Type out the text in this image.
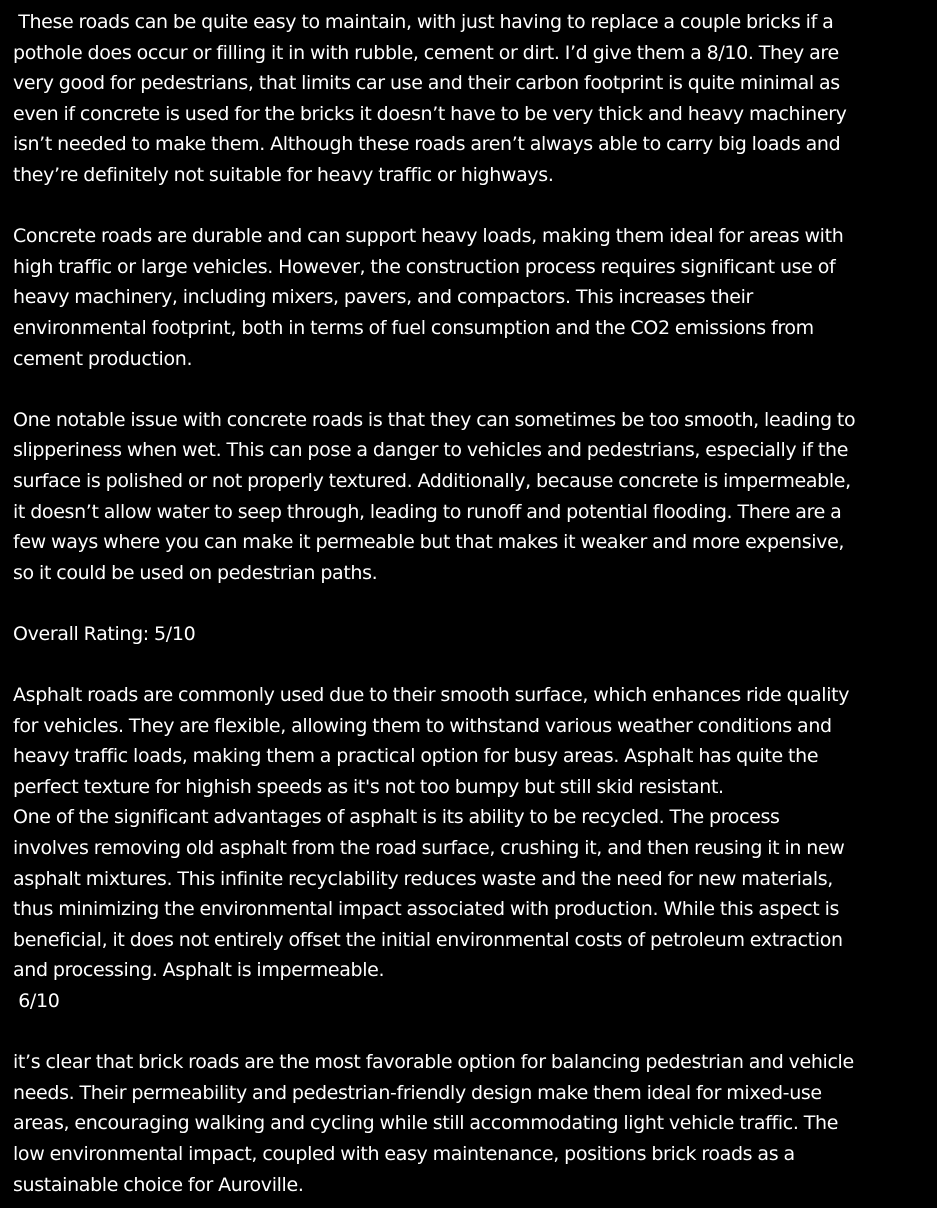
These roads can be quite easy to maintain, with just having to replace a couple bricks if a
pothole does occur or filling it in with rubble, cement or dirt. I’d give them a 8/10. They are
very good for pedestrians, that limits car use and their carbon footprint is quite minimal as
even if concrete is used for the bricks it doesn’t have to be very thick and heavy machinery
isn’t needed to make them. Although these roads aren’t always able to carry big loads and
they’re definitely not suitable for heavy traffic or highways.
Concrete roads are durable and can support heavy loads, making them ideal for areas with
high traffic or large vehicles. However, the construction process requires significant use of
heavy machinery, including mixers, pavers, and compactors. This increases their
environmental footprint, both in terms of fuel consumption and the CO2 emissions from
cement production.
One notable issue with concrete roads is that they can sometimes be too smooth, leading to
slipperiness when wet. This can pose a danger to vehicles and pedestrians, especially if the
surface is polished or not properly textured. Additionally, because concrete is impermeable,
it doesn’t allow water to seep through, leading to runoff and potential flooding. There are a
few ways where you can make it permeable but that makes it weaker and more expensive,
so it could be used on pedestrian paths.
Overall Rating: 5/10
Asphalt roads are commonly used due to their smooth surface, which enhances ride quality
for vehicles. They are flexible, allowing them to withstand various weather conditions and
heavy traffic loads, making them a practical option for busy areas. Asphalt has quite the
perfect texture for highish speeds as it's not too bumpy but still skid resistant.
One of the significant advantages of asphalt is its ability to be recycled. The process
involves removing old asphalt from the road surface, crushing it, and then reusing it in new
asphalt mixtures. This infinite recyclability reduces waste and the need for new materials,
thus minimizing the environmental impact associated with production. While this aspect is
beneficial, it does not entirely offset the initial environmental costs of petroleum extraction
and processing. Asphalt is impermeable.
6/10
it’s clear that brick roads are the most favorable option for balancing pedestrian and vehicle
needs. Their permeability and pedestrian-friendly design make them ideal for mixed-use
areas, encouraging walking and cycling while still accommodating light vehicle traffic. The
low environmental impact, coupled with easy maintenance, positions brick roads as a
sustainable choice for Auroville.
